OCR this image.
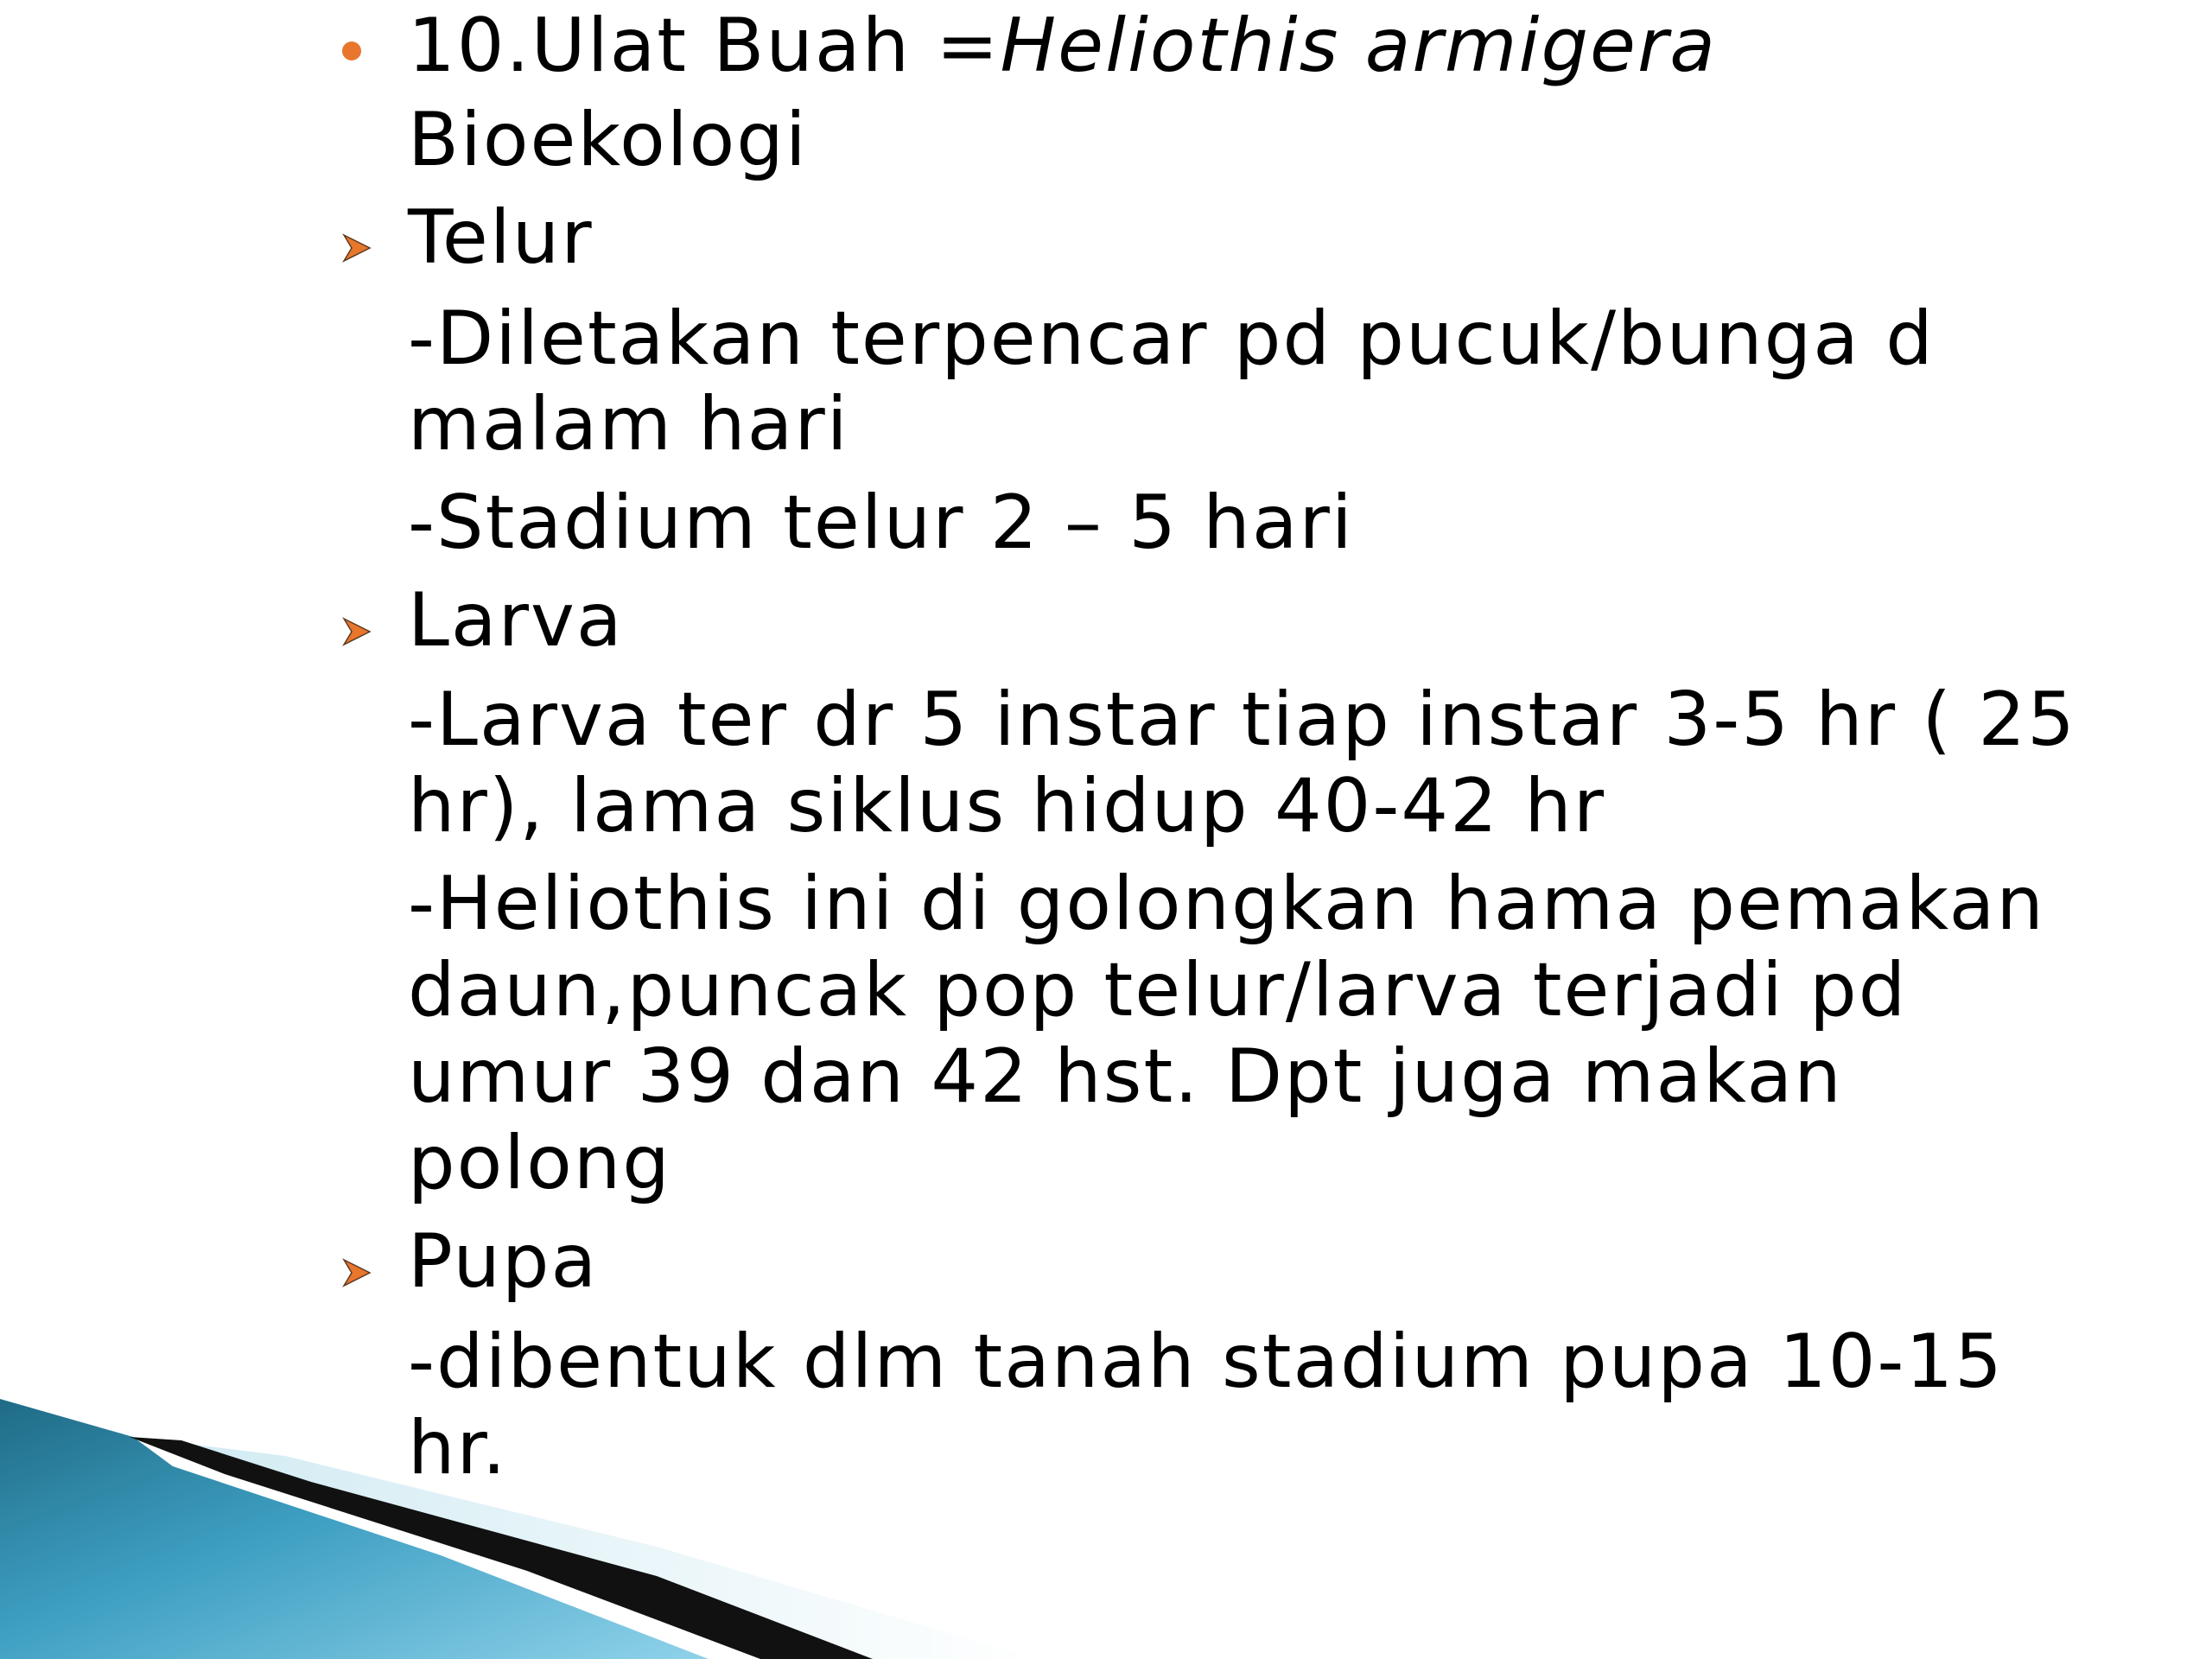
10.Ulat Buah =Heliothis armigera

Bioekologi

Telur

-Diletakan terpencar pd pucuk/bunga d

malam hari

-Stadium telur 2 – 5 hari

Larva

-Larva ter dr 5 instar tiap instar 3-5 hr ( 25

hr), lama siklus hidup 40-42 hr

-Heliothis ini di golongkan hama pemakan

daun,puncak pop telur/larva terjadi pd

umur 39 dan 42 hst. Dpt juga makan

polong

Pupa

-dibentuk dlm tanah stadium pupa 10-15

hr.
